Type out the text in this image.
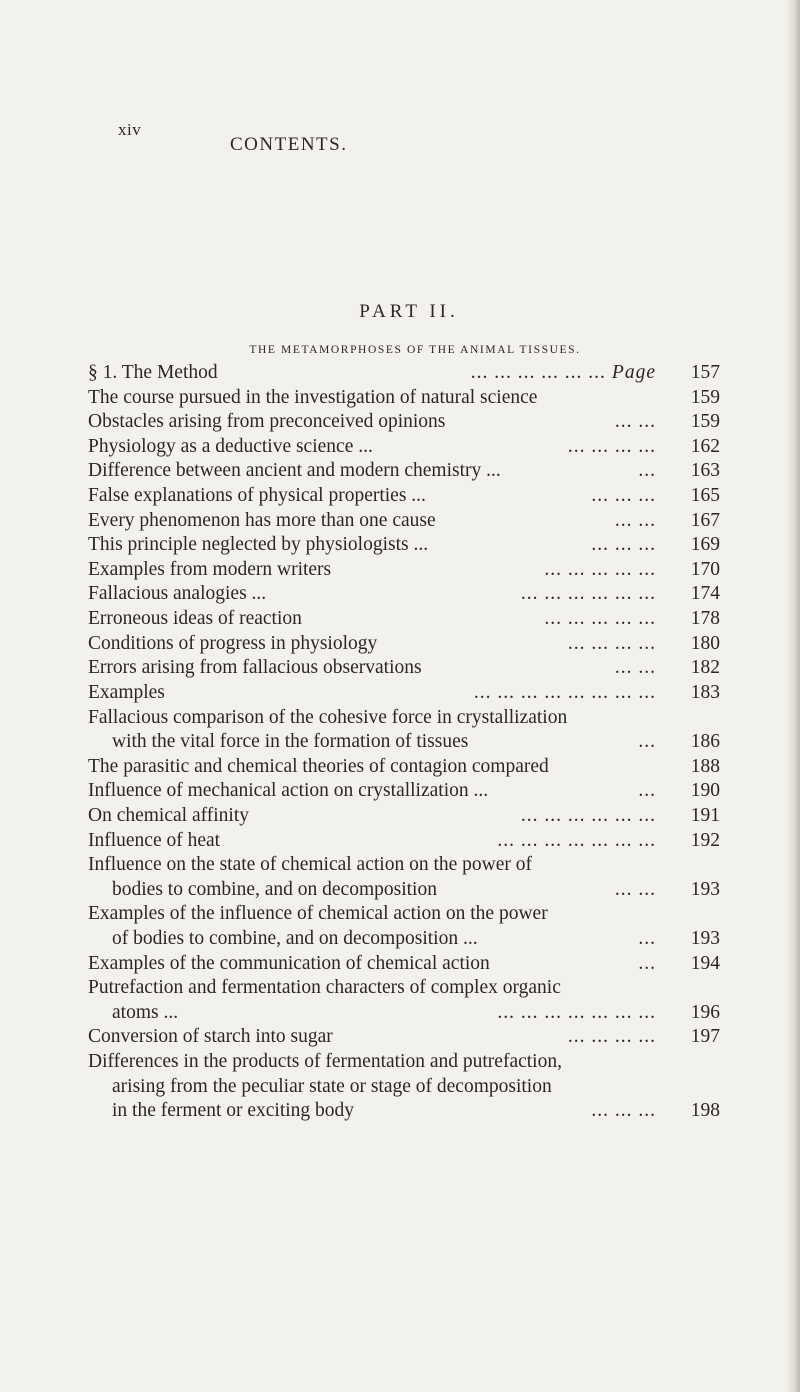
xiv
CONTENTS.
PART II.
THE METAMORPHOSES OF THE ANIMAL TISSUES.
§ 1. The Method	... ... ... ... ... ... Page	157
The course pursued in the investigation of natural science	159
Obstacles arising from preconceived opinions	... ...	159
Physiology as a deductive science ...	... ... ... ...	162
Difference between ancient and modern chemistry ...	...	163
False explanations of physical properties ...	... ... ...	165
Every phenomenon has more than one cause	... ...	167
This principle neglected by physiologists ...	... ... ...	169
Examples from modern writers	... ... ... ... ...	170
Fallacious analogies ...	... ... ... ... ... ...	174
Erroneous ideas of reaction	... ... ... ... ...	178
Conditions of progress in physiology	... ... ... ...	180
Errors arising from fallacious observations	... ...	182
Examples	... ... ... ... ... ... ... ...	183
Fallacious comparison of the cohesive force in crystallization
with the vital force in the formation of tissues	...	186
The parasitic and chemical theories of contagion compared	188
Influence of mechanical action on crystallization ...	...	190
On chemical affinity	... ... ... ... ... ...	191
Influence of heat	... ... ... ... ... ... ...	192
Influence on the state of chemical action on the power of
bodies to combine, and on decomposition	... ...	193
Examples of the influence of chemical action on the power
of bodies to combine, and on decomposition ...	...	193
Examples of the communication of chemical action	...	194
Putrefaction and fermentation characters of complex organic
atoms ...	... ... ... ... ... ... ...	196
Conversion of starch into sugar	... ... ... ...	197
Differences in the products of fermentation and putrefaction,
arising from the peculiar state or stage of decomposition
in the ferment or exciting body	... ... ...	198
